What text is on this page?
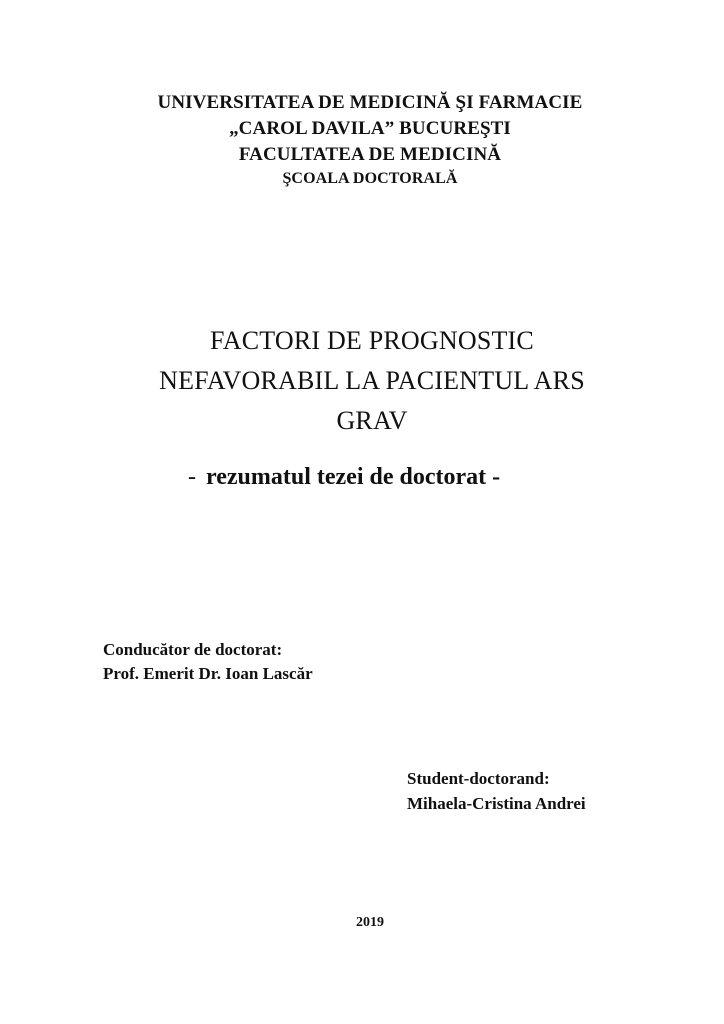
UNIVERSITATEA DE MEDICINĂ ŞI FARMACIE
„CAROL DAVILA” BUCUREŞTI
FACULTATEA DE MEDICINĂ
ŞCOALA DOCTORALĂ
FACTORI DE PROGNOSTIC
NEFAVORABIL LA PACIENTUL ARS
GRAV
- rezumatul tezei de doctorat -
Conducător de doctorat:
Prof. Emerit Dr. Ioan Lascăr
Student-doctorand:
Mihaela-Cristina Andrei
2019
